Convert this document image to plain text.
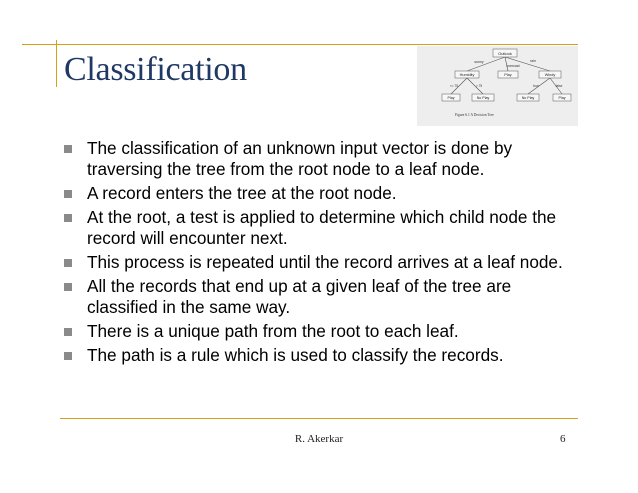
Classification	Outlook
sunny
overcast
rain
Humidity	Play	Windy
<= 75	> 75	true	false
Play	No Play	No Play	Play
Figure 6.1 A Decision Tree
The classification of an unknown input vector is done by traversing the tree from the root node to a leaf node.
A record enters the tree at the root node.
At the root, a test is applied to determine which child node the record will encounter next.
This process is repeated until the record arrives at a leaf node.
All the records that end up at a given leaf of the tree are classified in the same way.
There is a unique path from the root to each leaf.
The path is a rule which is used to classify the records.
R. Akerkar	6
